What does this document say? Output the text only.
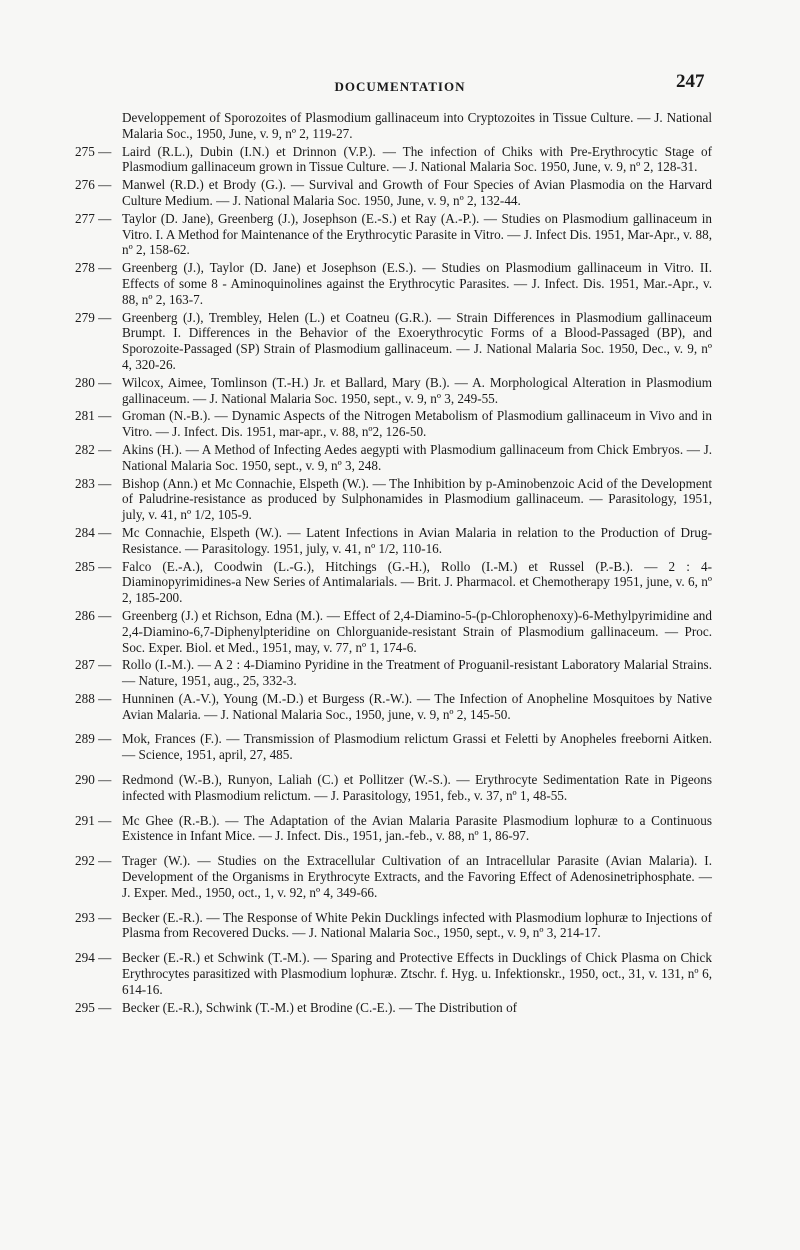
DOCUMENTATION	247
Developpement of Sporozoites of Plasmodium gallinaceum into Cryptozoites in Tissue Culture. — J. National Malaria Soc., 1950, June, v. 9, nº 2, 119-27.
275 — Laird (R.L.), Dubin (I.N.) et Drinnon (V.P.). — The infection of Chiks with Pre-Erythrocytic Stage of Plasmodium gallinaceum grown in Tissue Culture. — J. National Malaria Soc. 1950, June, v. 9, nº 2, 128-31.
276 — Manwel (R.D.) et Brody (G.). — Survival and Growth of Four Species of Avian Plasmodia on the Harvard Culture Medium. — J. National Malaria Soc. 1950, June, v. 9, nº 2, 132-44.
277 — Taylor (D. Jane), Greenberg (J.), Josephson (E.-S.) et Ray (A.-P.). — Studies on Plasmodium gallinaceum in Vitro. I. A Method for Maintenance of the Erythrocytic Parasite in Vitro. — J. Infect Dis. 1951, Mar-Apr., v. 88, nº 2, 158-62.
278 — Greenberg (J.), Taylor (D. Jane) et Josephson (E.S.). — Studies on Plasmodium gallinaceum in Vitro. II. Effects of some 8 - Aminoquinolines against the Erythrocytic Parasites. — J. Infect. Dis. 1951, Mar.-Apr., v. 88, nº 2, 163-7.
279 — Greenberg (J.), Trembley, Helen (L.) et Coatneu (G.R.). — Strain Differences in Plasmodium gallinaceum Brumpt. I. Differences in the Behavior of the Exoerythrocytic Forms of a Blood-Passaged (BP), and Sporozoite-Passaged (SP) Strain of Plasmodium gallinaceum. — J. National Malaria Soc. 1950, Dec., v. 9, nº 4, 320-26.
280 — Wilcox, Aimee, Tomlinson (T.-H.) Jr. et Ballard, Mary (B.). — A. Morphological Alteration in Plasmodium gallinaceum. — J. National Malaria Soc. 1950, sept., v. 9, nº 3, 249-55.
281 — Groman (N.-B.). — Dynamic Aspects of the Nitrogen Metabolism of Plasmodium gallinaceum in Vivo and in Vitro. — J. Infect. Dis. 1951, mar-apr., v. 88, nº2, 126-50.
282 — Akins (H.). — A Method of Infecting Aedes aegypti with Plasmodium gallinaceum from Chick Embryos. — J. National Malaria Soc. 1950, sept., v. 9, nº 3, 248.
283 — Bishop (Ann.) et Mc Connachie, Elspeth (W.). — The Inhibition by p-Aminobenzoic Acid of the Development of Paludrine-resistance as produced by Sulphonamides in Plasmodium gallinaceum. — Parasitology, 1951, july, v. 41, nº 1/2, 105-9.
284 — Mc Connachie, Elspeth (W.). — Latent Infections in Avian Malaria in relation to the Production of Drug-Resistance. — Parasitology. 1951, july, v. 41, nº 1/2, 110-16.
285 — Falco (E.-A.), Coodwin (L.-G.), Hitchings (G.-H.), Rollo (I.-M.) et Russel (P.-B.). — 2 : 4-Diaminopyrimidines-a New Series of Antimalarials. — Brit. J. Pharmacol. et Chemotherapy 1951, june, v. 6, nº 2, 185-200.
286 — Greenberg (J.) et Richson, Edna (M.). — Effect of 2,4-Diamino-5-(p-Chlorophenoxy)-6-Methylpyrimidine and 2,4-Diamino-6,7-Diphenylpteridine on Chlorguanide-resistant Strain of Plasmodium gallinaceum. — Proc. Soc. Exper. Biol. et Med., 1951, may, v. 77, nº 1, 174-6.
287 — Rollo (I.-M.). — A 2 : 4-Diamino Pyridine in the Treatment of Proguanil-resistant Laboratory Malarial Strains. — Nature, 1951, aug., 25, 332-3.
288 — Hunninen (A.-V.), Young (M.-D.) et Burgess (R.-W.). — The Infection of Anopheline Mosquitoes by Native Avian Malaria. — J. National Malaria Soc., 1950, june, v. 9, nº 2, 145-50.
289 — Mok, Frances (F.). — Transmission of Plasmodium relictum Grassi et Feletti by Anopheles freeborni Aitken. — Science, 1951, april, 27, 485.
290 — Redmond (W.-B.), Runyon, Laliah (C.) et Pollitzer (W.-S.). — Erythrocyte Sedimentation Rate in Pigeons infected with Plasmodium relictum. — J. Parasitology, 1951, feb., v. 37, nº 1, 48-55.
291 — Mc Ghee (R.-B.). — The Adaptation of the Avian Malaria Parasite Plasmodium lophuræ to a Continuous Existence in Infant Mice. — J. Infect. Dis., 1951, jan.-feb., v. 88, nº 1, 86-97.
292 — Trager (W.). — Studies on the Extracellular Cultivation of an Intracellular Parasite (Avian Malaria). I. Development of the Organisms in Erythrocyte Extracts, and the Favoring Effect of Adenosinetriphosphate. — J. Exper. Med., 1950, oct., 1, v. 92, nº 4, 349-66.
293 — Becker (E.-R.). — The Response of White Pekin Ducklings infected with Plasmodium lophuræ to Injections of Plasma from Recovered Ducks. — J. National Malaria Soc., 1950, sept., v. 9, nº 3, 214-17.
294 — Becker (E.-R.) et Schwink (T.-M.). — Sparing and Protective Effects in Ducklings of Chick Plasma on Chick Erythrocytes parasitized with Plasmodium lophuræ. Ztschr. f. Hyg. u. Infektionskr., 1950, oct., 31, v. 131, nº 6, 614-16.
295 — Becker (E.-R.), Schwink (T.-M.) et Brodine (C.-E.). — The Distribution of
